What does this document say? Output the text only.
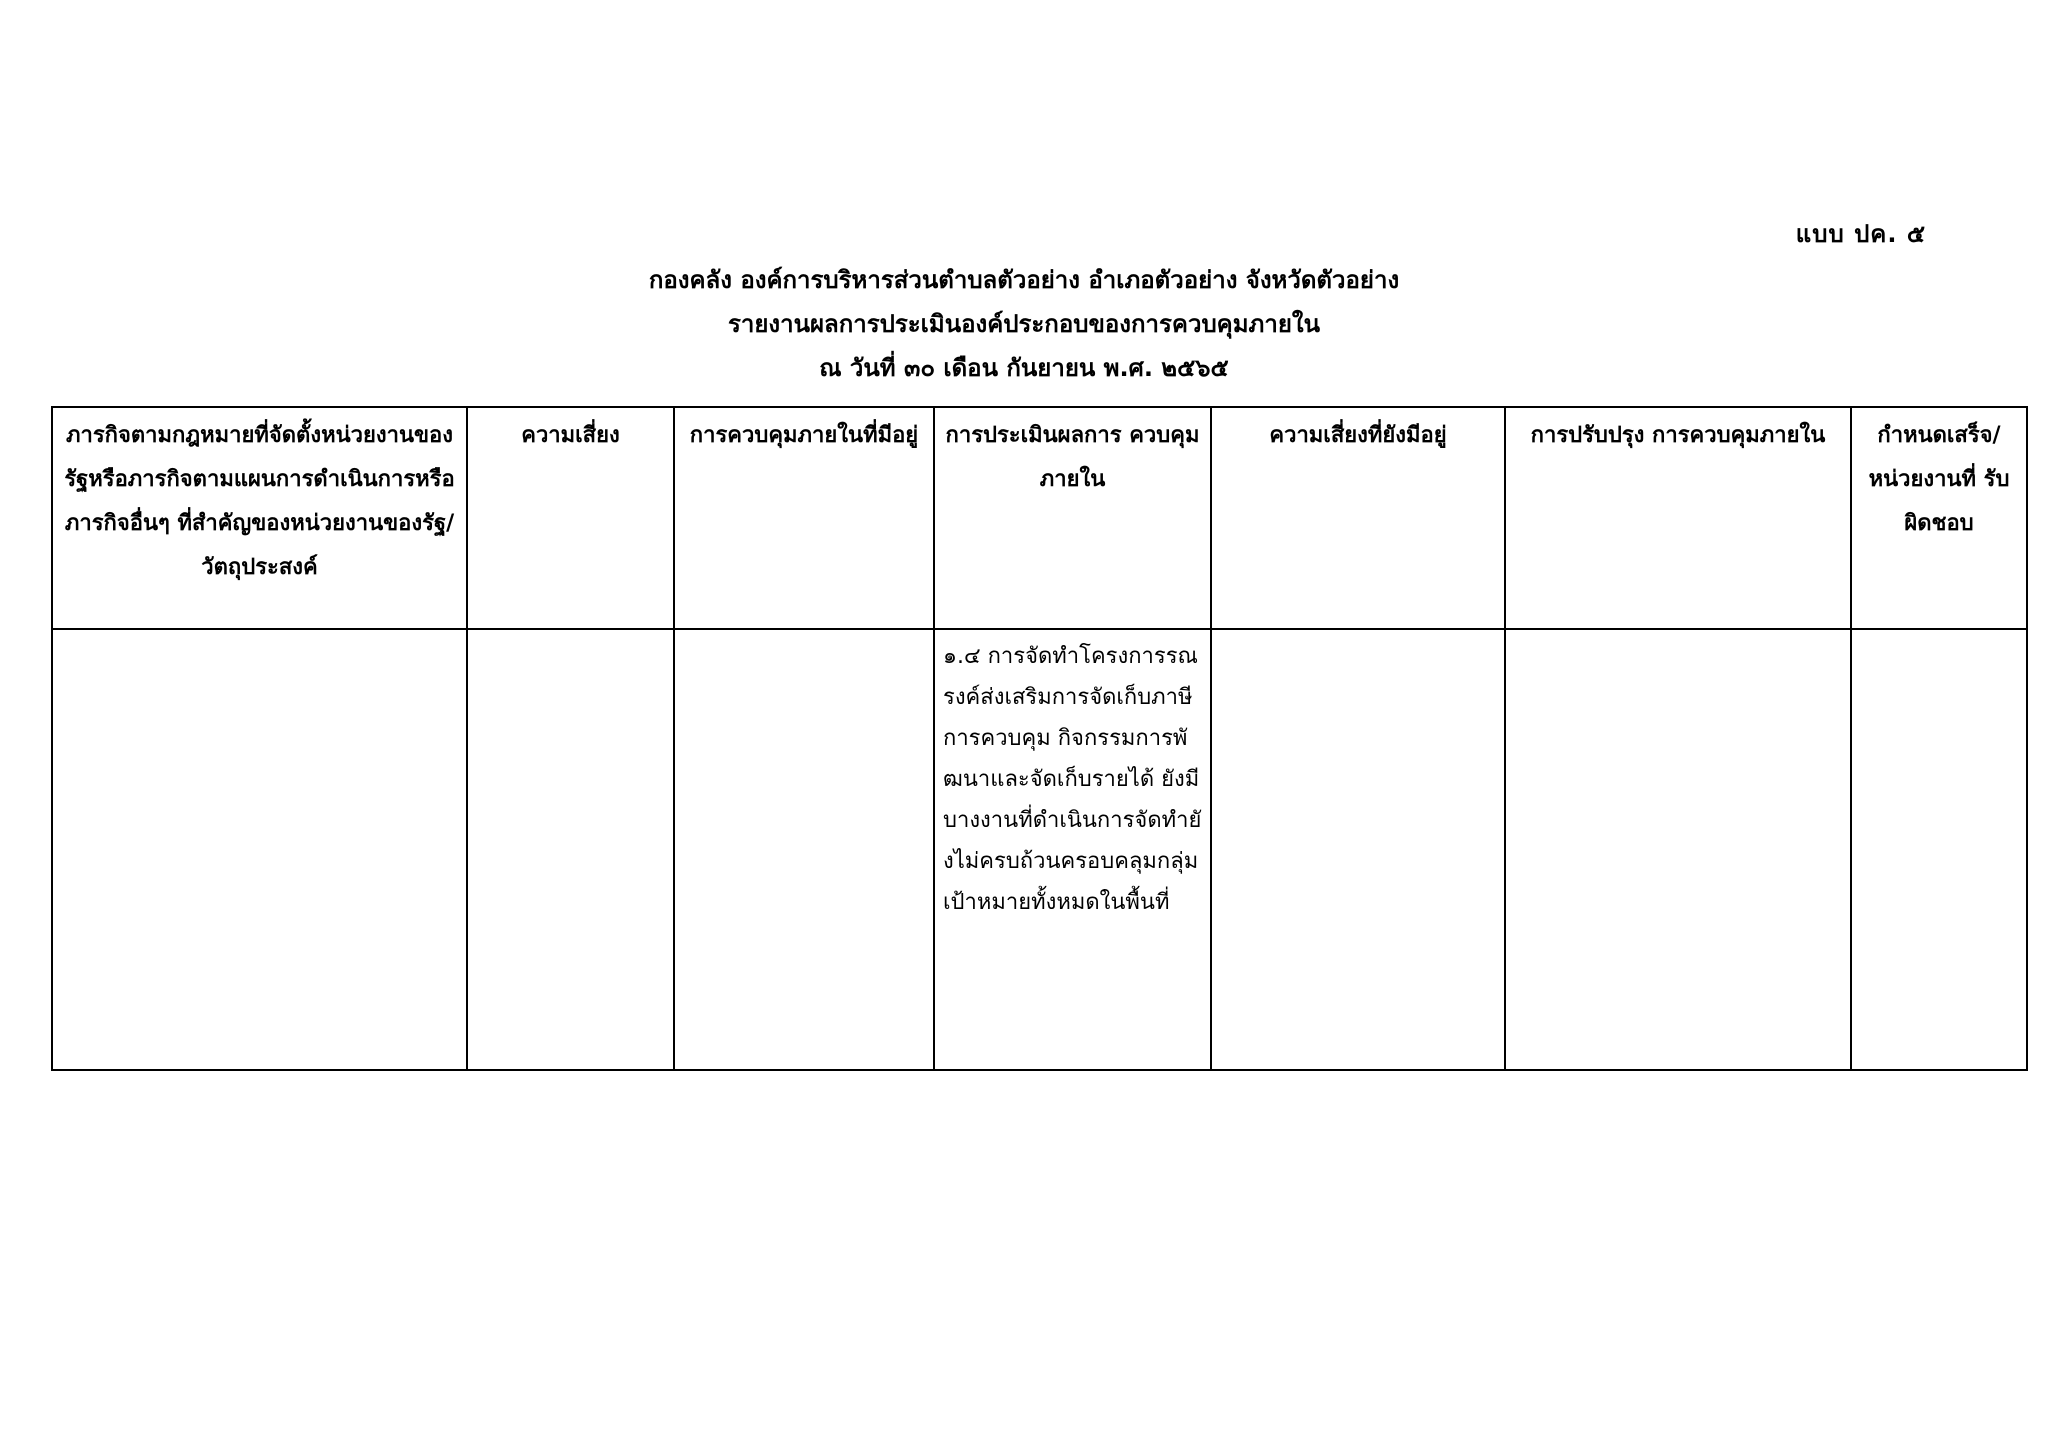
แบบ ปค. ๕
กองคลัง องค์การบริหารส่วนตำบลตัวอย่าง อำเภอตัวอย่าง จังหวัดตัวอย่าง
รายงานผลการประเมินองค์ประกอบของการควบคุมภายใน
ณ วันที่ ๓๐ เดือน กันยายน พ.ศ. ๒๕๖๕
ภารกิจตามกฎหมายที่จัดตั้งหน่วยงานของรัฐหรือภารกิจตามแผนการดำเนินการหรือภารกิจอื่นๆ ที่สำคัญของหน่วยงานของรัฐ/ วัตถุประสงค์	ความเสี่ยง	การควบคุมภายในที่มีอยู่	การประเมินผลการ ควบคุมภายใน	ความเสี่ยงที่ยังมีอยู่	การปรับปรุง การควบคุมภายใน	กำหนดเสร็จ/ หน่วยงานที่ รับผิดชอบ

			๑.๔ การจัดทำโครงการรณรงค์ส่งเสริมการจัดเก็บภาษี การควบคุม กิจกรรมการพัฒนาและจัดเก็บรายได้ ยังมีบางงานที่ดำเนินการจัดทำยังไม่ครบถ้วนครอบคลุมกลุ่มเป้าหมายทั้งหมดในพื้นที่			
